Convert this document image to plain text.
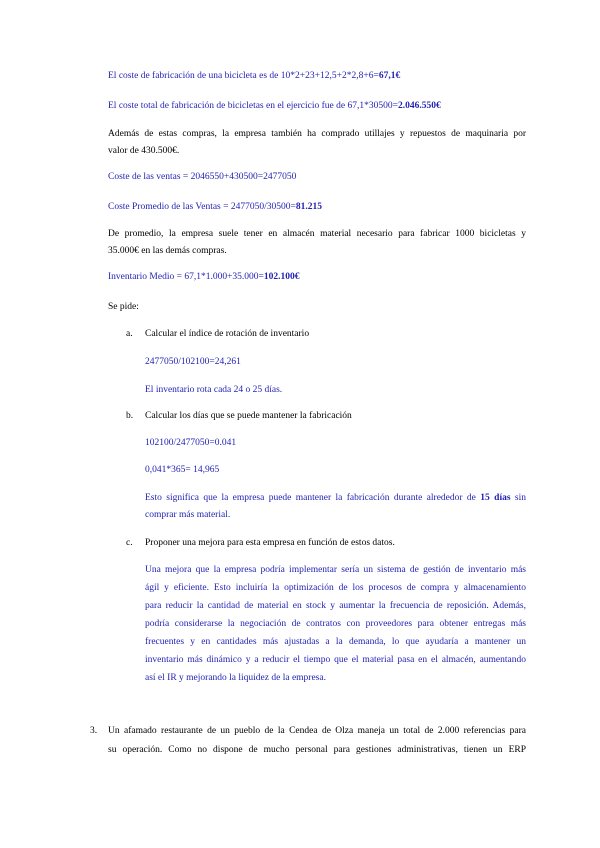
El coste de fabricación de una bicicleta es de 10*2+23+12,5+2*2,8+6=67,1€
El coste total de fabricación de bicicletas en el ejercicio fue de 67,1*30500=2.046.550€
Además de estas compras, la empresa también ha comprado utillajes y repuestos de maquinaria por
valor de 430.500€.
Coste de las ventas = 2046550+430500=2477050
Coste Promedio de las Ventas = 2477050/30500=81.215
De promedio, la empresa suele tener en almacén material necesario para fabricar 1000 bicicletas y
35.000€ en las demás compras.
Inventario Medio = 67,1*1.000+35.000=102.100€
Se pide:
a. Calcular el índice de rotación de inventario
2477050/102100=24,261
El inventario rota cada 24 o 25 días.
b. Calcular los días que se puede mantener la fabricación
102100/2477050=0.041
0,041*365= 14,965
Esto significa que la empresa puede mantener la fabricación durante alrededor de 15 días sin
comprar más material.
c. Proponer una mejora para esta empresa en función de estos datos.
Una mejora que la empresa podría implementar sería un sistema de gestión de inventario más
ágil y eficiente. Esto incluiría la optimización de los procesos de compra y almacenamiento
para reducir la cantidad de material en stock y aumentar la frecuencia de reposición. Además,
podría considerarse la negociación de contratos con proveedores para obtener entregas más
frecuentes y en cantidades más ajustadas a la demanda, lo que ayudaría a mantener un
inventario más dinámico y a reducir el tiempo que el material pasa en el almacén, aumentando
así el IR y mejorando la liquidez de la empresa.
3. Un afamado restaurante de un pueblo de la Cendea de Olza maneja un total de 2.000 referencias para
su operación. Como no dispone de mucho personal para gestiones administrativas, tienen un ERP
